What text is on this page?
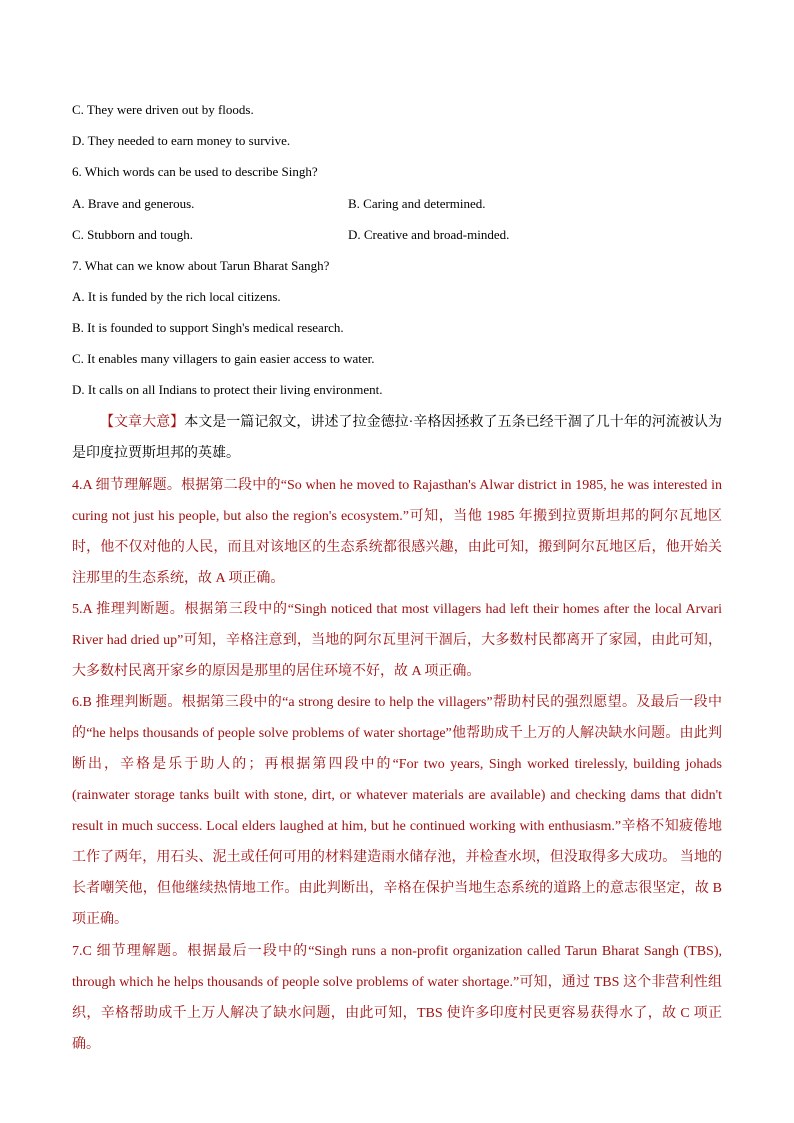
C. They were driven out by floods.
D. They needed to earn money to survive.
6. Which words can be used to describe Singh?
A. Brave and generous.	B. Caring and determined.
C. Stubborn and tough.	D. Creative and broad-minded.
7. What can we know about Tarun Bharat Sangh?
A. It is funded by the rich local citizens.
B. It is founded to support Singh's medical research.
C. It enables many villagers to gain easier access to water.
D. It calls on all Indians to protect their living environment.
【文章大意】本文是一篇记叙文，讲述了拉金德拉·辛格因拯救了五条已经干涸了几十年的河流被认为是印度拉贾斯坦邦的英雄。
4.A 细节理解题。根据第二段中的“So when he moved to Rajasthan's Alwar district in 1985, he was interested in curing not just his people, but also the region's ecosystem.”可知，当他 1985 年搬到拉贾斯坦邦的阿尔瓦地区时，他不仅对他的人民，而且对该地区的生态系统都很感兴趣，由此可知，搬到阿尔瓦地区后，他开始关注那里的生态系统，故 A 项正确。
5.A 推理判断题。根据第三段中的“Singh noticed that most villagers had left their homes after the local Arvari River had dried up”可知，辛格注意到，当地的阿尔瓦里河干涸后，大多数村民都离开了家园，由此可知，大多数村民离开家乡的原因是那里的居住环境不好，故 A 项正确。
6.B 推理判断题。根据第三段中的“a strong desire to help the villagers”帮助村民的强烈愿望。及最后一段中的“he helps thousands of people solve problems of water shortage”他帮助成千上万的人解决缺水问题。由此判断出，辛格是乐于助人的；再根据第四段中的“For two years, Singh worked tirelessly, building johads (rainwater storage tanks built with stone, dirt, or whatever materials are available) and checking dams that didn't result in much success. Local elders laughed at him, but he continued working with enthusiasm.”辛格不知疲倦地工作了两年，用石头、泥土或任何可用的材料建造雨水储存池，并检查水坝，但没取得多大成功。 当地的长者嘲笑他，但他继续热情地工作。由此判断出，辛格在保护当地生态系统的道路上的意志很坚定，故 B 项正确。
7.C 细节理解题。根据最后一段中的“Singh runs a non-profit organization called Tarun Bharat Sangh (TBS), through which he helps thousands of people solve problems of water shortage.”可知，通过 TBS 这个非营利性组织，辛格帮助成千上万人解决了缺水问题，由此可知，TBS 使许多印度村民更容易获得水了，故 C 项正确。
